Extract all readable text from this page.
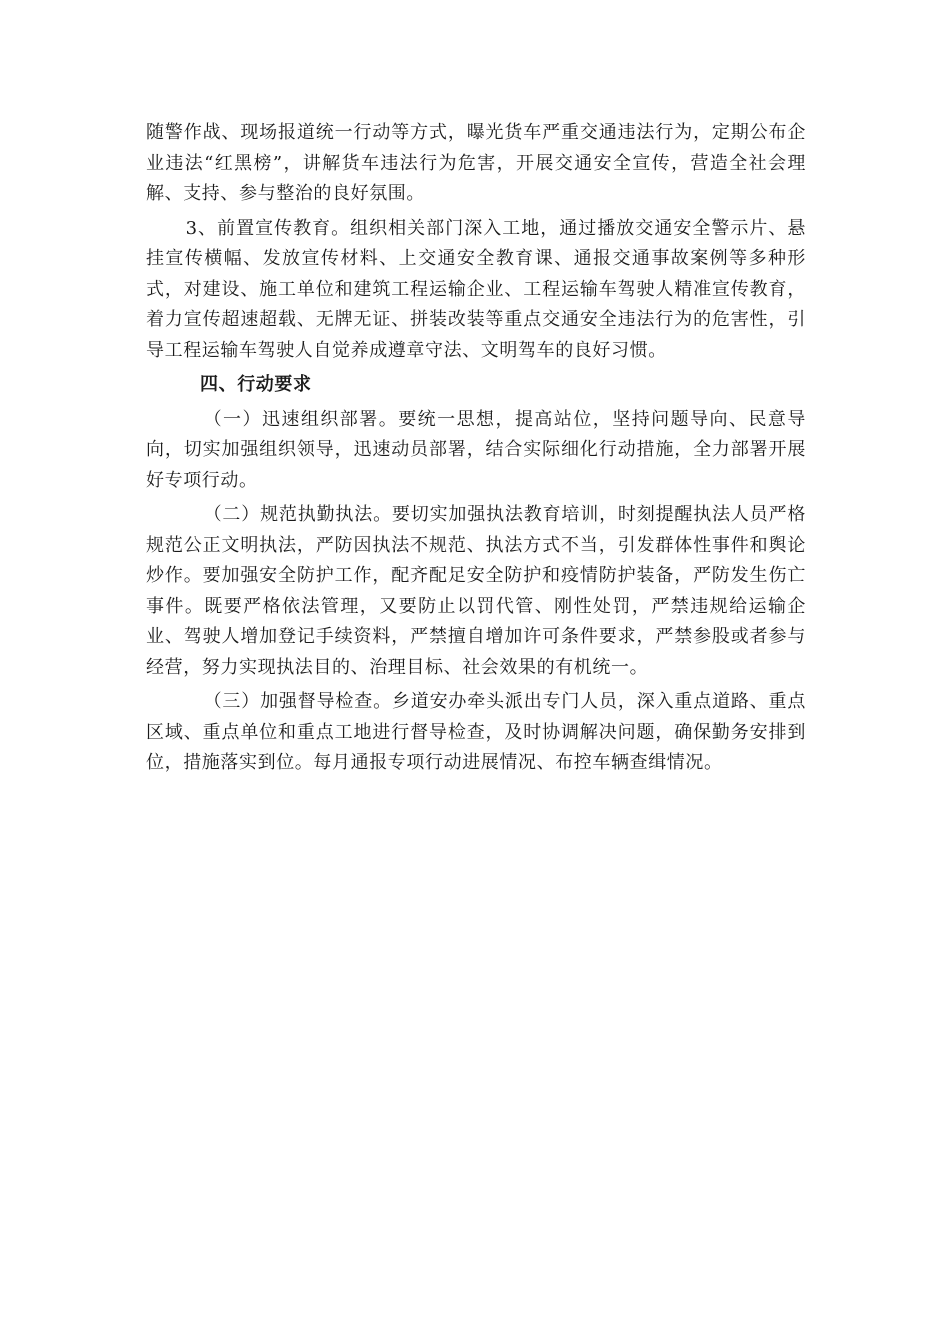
随警作战、现场报道统一行动等方式，曝光货车严重交通违法行为，定期公布企业违法“红黑榜”，讲解货车违法行为危害，开展交通安全宣传，营造全社会理解、支持、参与整治的良好氛围。

3、前置宣传教育。组织相关部门深入工地，通过播放交通安全警示片、悬挂宣传横幅、发放宣传材料、上交通安全教育课、通报交通事故案例等多种形式，对建设、施工单位和建筑工程运输企业、工程运输车驾驶人精准宣传教育，着力宣传超速超载、无牌无证、拼装改装等重点交通安全违法行为的危害性，引导工程运输车驾驶人自觉养成遵章守法、文明驾车的良好习惯。

四、行动要求

（一）迅速组织部署。要统一思想，提高站位，坚持问题导向、民意导向，切实加强组织领导，迅速动员部署，结合实际细化行动措施，全力部署开展好专项行动。

（二）规范执勤执法。要切实加强执法教育培训，时刻提醒执法人员严格规范公正文明执法，严防因执法不规范、执法方式不当，引发群体性事件和舆论炒作。要加强安全防护工作，配齐配足安全防护和疫情防护装备，严防发生伤亡事件。既要严格依法管理，又要防止以罚代管、刚性处罚，严禁违规给运输企业、驾驶人增加登记手续资料，严禁擅自增加许可条件要求，严禁参股或者参与经营，努力实现执法目的、治理目标、社会效果的有机统一。

（三）加强督导检查。乡道安办牵头派出专门人员，深入重点道路、重点区域、重点单位和重点工地进行督导检查，及时协调解决问题，确保勤务安排到位，措施落实到位。每月通报专项行动进展情况、布控车辆查缉情况。
